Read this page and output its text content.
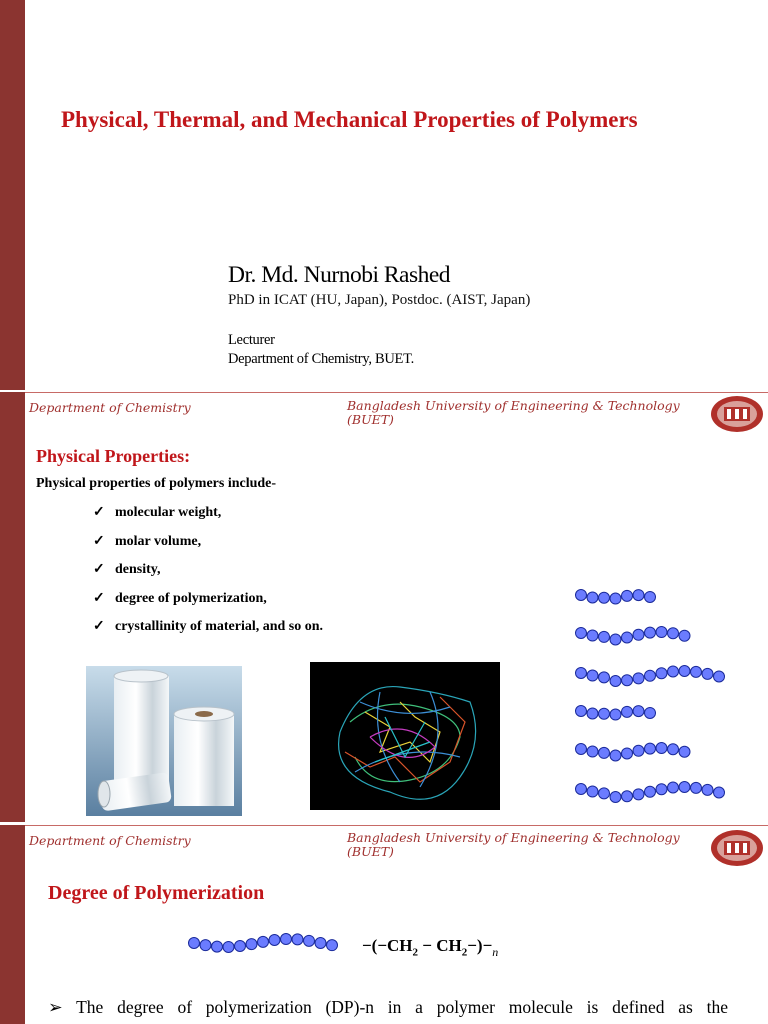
Physical, Thermal, and Mechanical Properties of Polymers
Dr. Md. Nurnobi Rashed
PhD in ICAT (HU, Japan), Postdoc. (AIST, Japan)
Lecturer
Department of Chemistry, BUET.
Department of Chemistry	Bangladesh University of Engineering & Technology
(BUET)
Physical Properties:
Physical properties of polymers include-
✓ molecular weight,
✓ molar volume,
✓ density,
✓ degree of polymerization,
✓ crystallinity of material, and so on.
Department of Chemistry	Bangladesh University of Engineering & Technology
(BUET)
Degree of Polymerization
$-(-CH_2 - CH_2-)-_n$
➢ The degree of polymerization (DP)-n in a polymer molecule is defined as the
